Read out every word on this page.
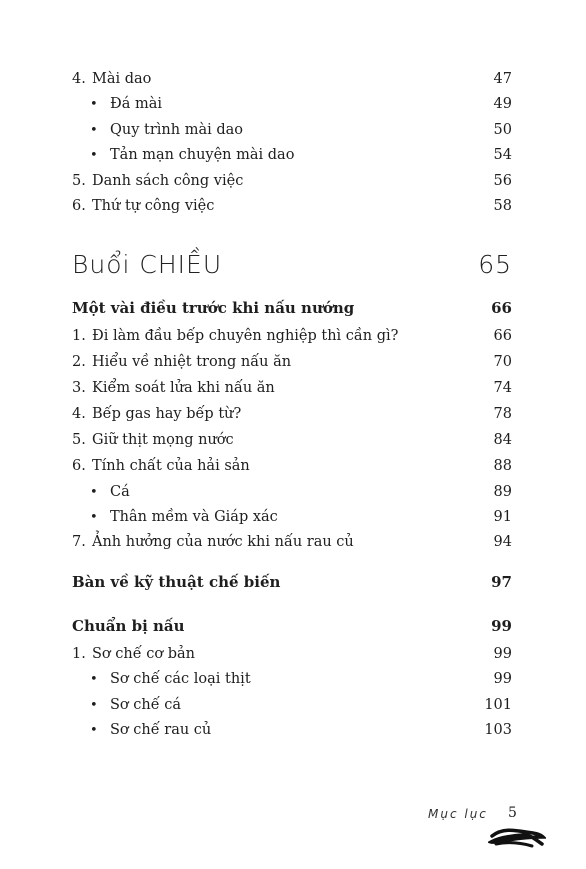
4. Mài dao	47
• Đá mài	49
• Quy trình mài dao	50
• Tản mạn chuyện mài dao	54
5. Danh sách công việc	56
6. Thứ tự công việc	58
Buổi CHIỀU	65
Một vài điều trước khi nấu nướng	66
1. Đi làm đầu bếp chuyên nghiệp thì cần gì?	66
2. Hiểu về nhiệt trong nấu ăn	70
3. Kiểm soát lửa khi nấu ăn	74
4. Bếp gas hay bếp từ?	78
5. Giữ thịt mọng nước	84
6. Tính chất của hải sản	88
• Cá	89
• Thân mềm và Giáp xác	91
7. Ảnh hưởng của nước khi nấu rau củ	94
Bàn về kỹ thuật chế biến	97
Chuẩn bị nấu	99
1. Sơ chế cơ bản	99
• Sơ chế các loại thịt	99
• Sơ chế cá	101
• Sơ chế rau củ	103
Mục lục 5
